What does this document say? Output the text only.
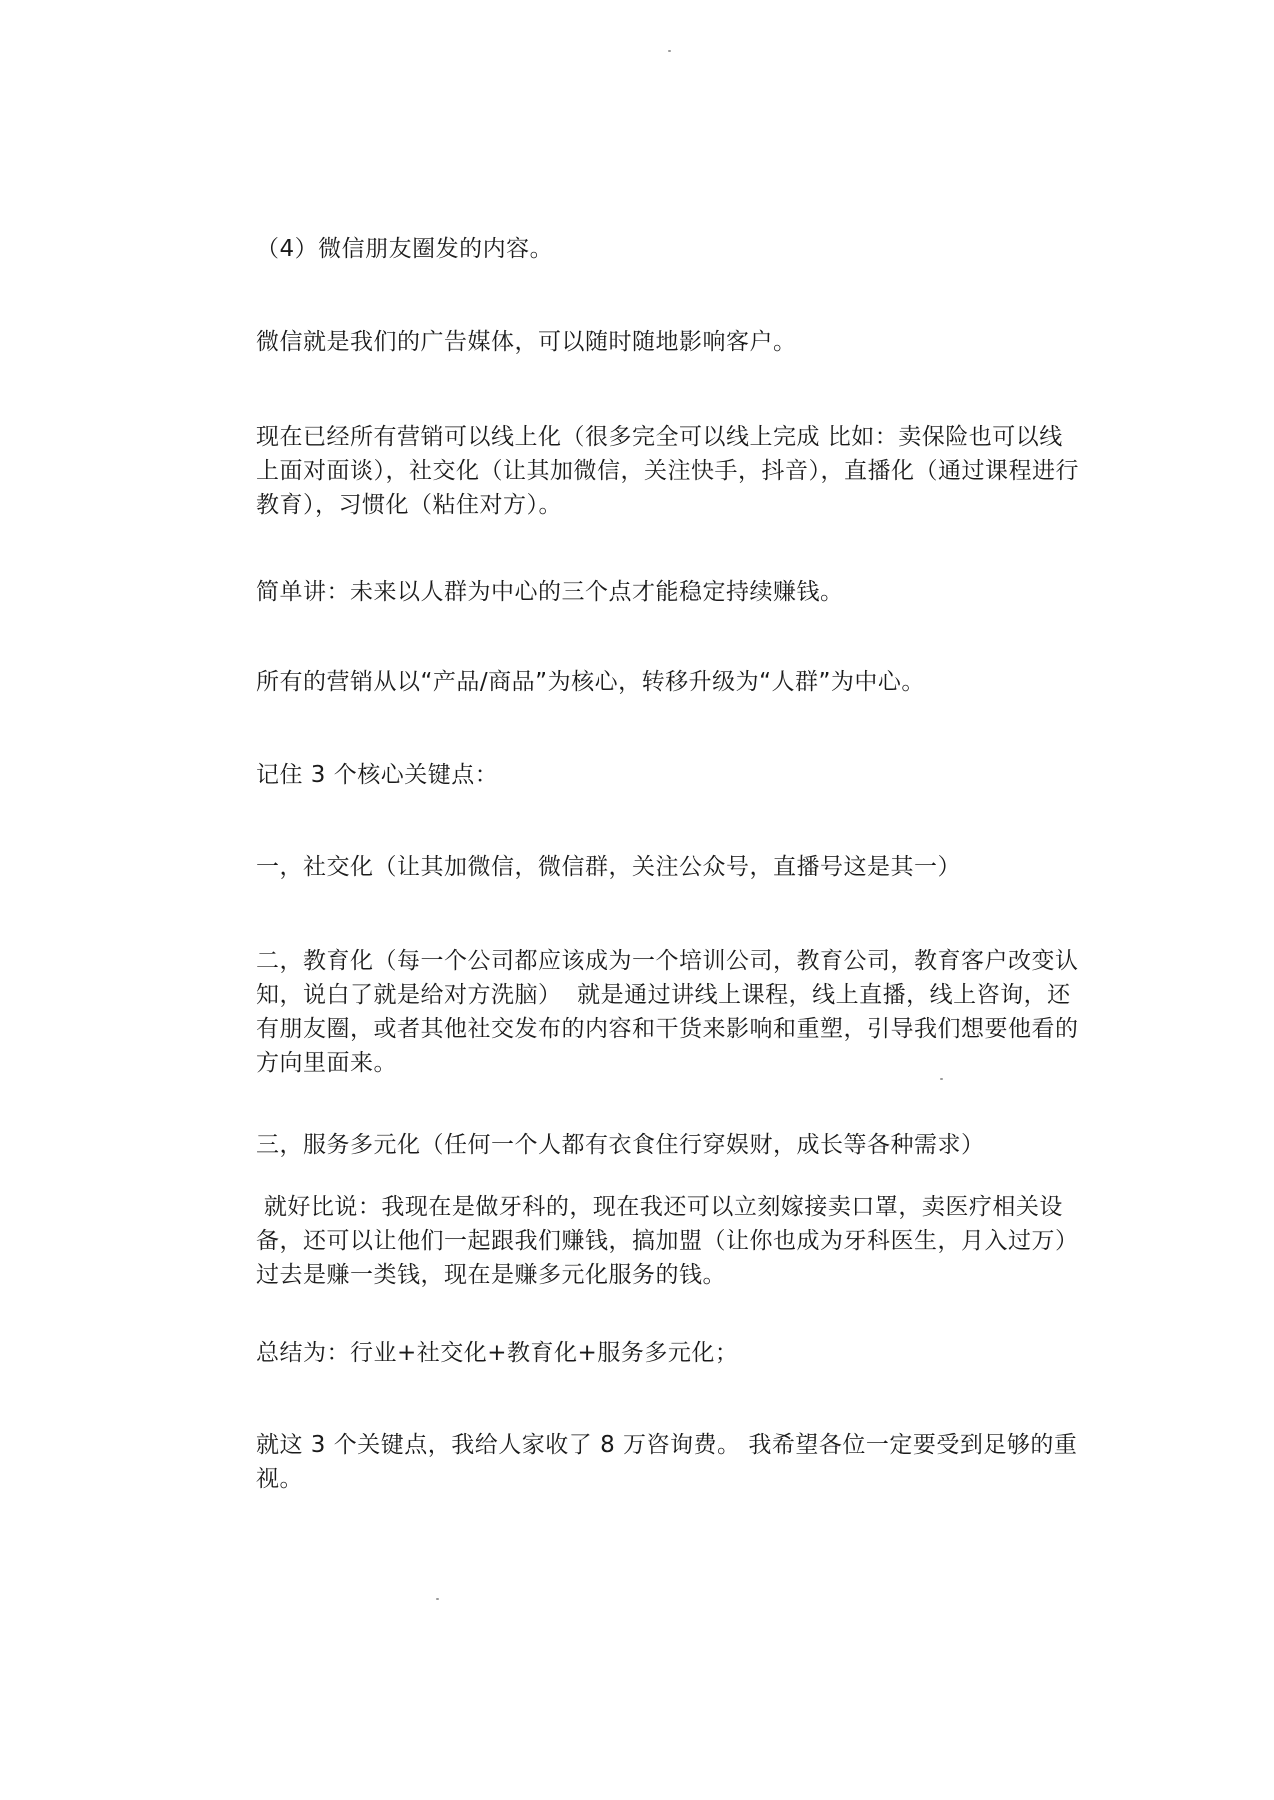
（4）微信朋友圈发的内容。

微信就是我们的广告媒体，可以随时随地影响客户。

现在已经所有营销可以线上化（很多完全可以线上完成 比如：卖保险也可以线上面对面谈），社交化（让其加微信，关注快手，抖音），直播化（通过课程进行教育），习惯化（粘住对方）。

简单讲：未来以人群为中心的三个点才能稳定持续赚钱。

所有的营销从以“产品/商品”为核心，转移升级为“人群”为中心。

记住 3 个核心关键点：

一，社交化（让其加微信，微信群，关注公众号，直播号这是其一）

二，教育化（每一个公司都应该成为一个培训公司，教育公司，教育客户改变认知，说白了就是给对方洗脑）  就是通过讲线上课程，线上直播，线上咨询，还有朋友圈，或者其他社交发布的内容和干货来影响和重塑，引导我们想要他看的方向里面来。

三，服务多元化（任何一个人都有衣食住行穿娱财，成长等各种需求）

就好比说：我现在是做牙科的，现在我还可以立刻嫁接卖口罩，卖医疗相关设备，还可以让他们一起跟我们赚钱，搞加盟（让你也成为牙科医生，月入过万）  过去是赚一类钱，现在是赚多元化服务的钱。

总结为：行业+社交化+教育化+服务多元化；

就这 3 个关键点，我给人家收了 8 万咨询费。 我希望各位一定要受到足够的重视。
